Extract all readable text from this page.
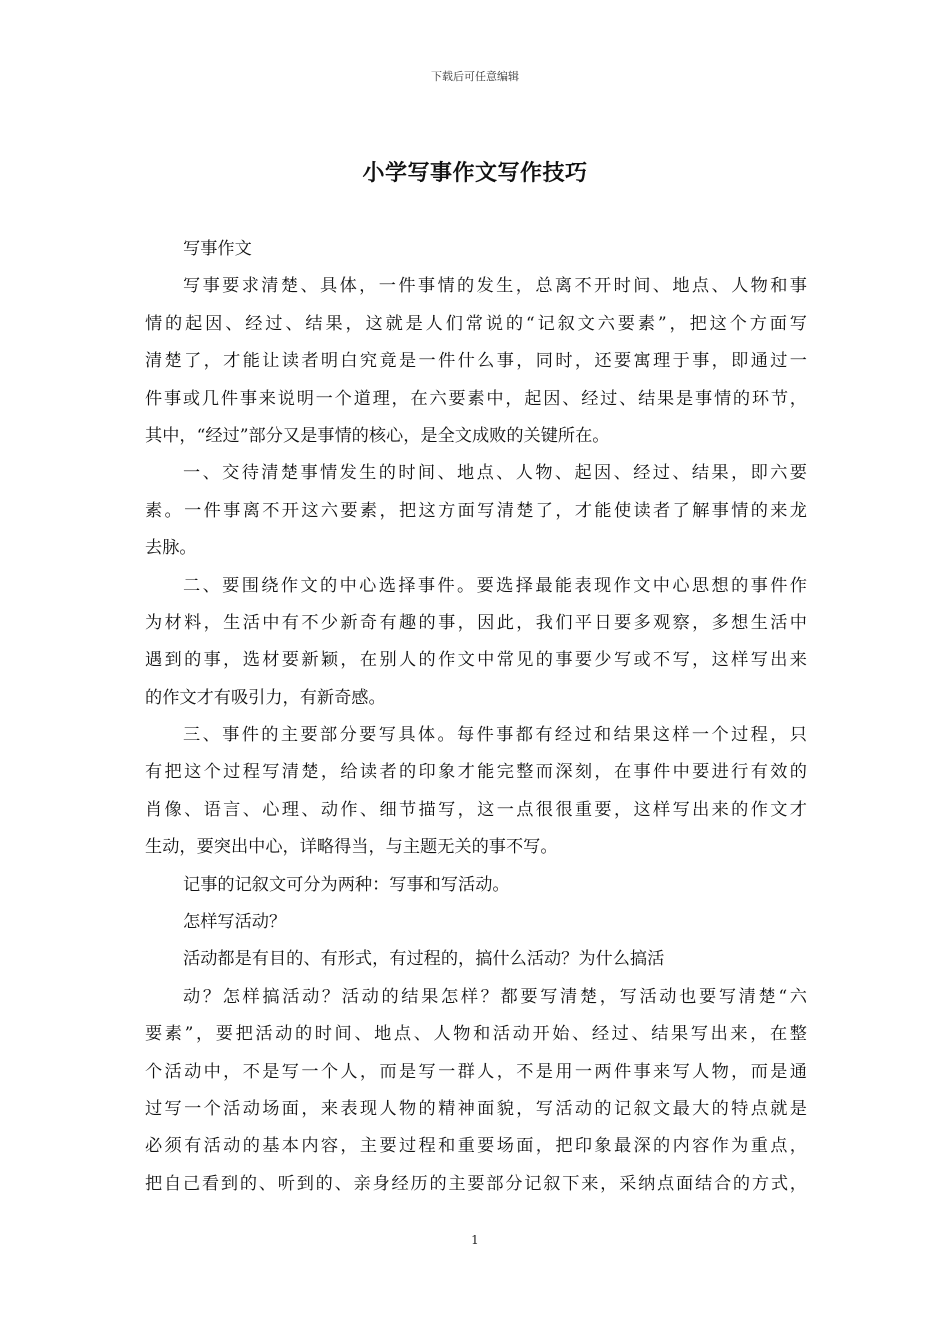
下载后可任意编辑
小学写事作文写作技巧
写事作文
写事要求清楚、具体，一件事情的发生，总离不开时间、地点、人物和事
情的起因、经过、结果，这就是人们常说的“记叙文六要素”，把这个方面写
清楚了，才能让读者明白究竟是一件什么事，同时，还要寓理于事，即通过一
件事或几件事来说明一个道理，在六要素中，起因、经过、结果是事情的环节，
其中，“经过”部分又是事情的核心，是全文成败的关键所在。
一、交待清楚事情发生的时间、地点、人物、起因、经过、结果，即六要
素。一件事离不开这六要素，把这方面写清楚了，才能使读者了解事情的来龙
去脉。
二、要围绕作文的中心选择事件。要选择最能表现作文中心思想的事件作
为材料，生活中有不少新奇有趣的事，因此，我们平日要多观察，多想生活中
遇到的事，选材要新颖，在别人的作文中常见的事要少写或不写，这样写出来
的作文才有吸引力，有新奇感。
三、事件的主要部分要写具体。每件事都有经过和结果这样一个过程，只
有把这个过程写清楚，给读者的印象才能完整而深刻，在事件中要进行有效的
肖像、语言、心理、动作、细节描写，这一点很很重要，这样写出来的作文才
生动，要突出中心，详略得当，与主题无关的事不写。
记事的记叙文可分为两种：写事和写活动。
怎样写活动？
活动都是有目的、有形式，有过程的，搞什么活动？为什么搞活
动？怎样搞活动？活动的结果怎样？都要写清楚，写活动也要写清楚“六
要素”，要把活动的时间、地点、人物和活动开始、经过、结果写出来，在整
个活动中，不是写一个人，而是写一群人，不是用一两件事来写人物，而是通
过写一个活动场面，来表现人物的精神面貌，写活动的记叙文最大的特点就是
必须有活动的基本内容，主要过程和重要场面，把印象最深的内容作为重点，
把自己看到的、听到的、亲身经历的主要部分记叙下来，采纳点面结合的方式，
1
